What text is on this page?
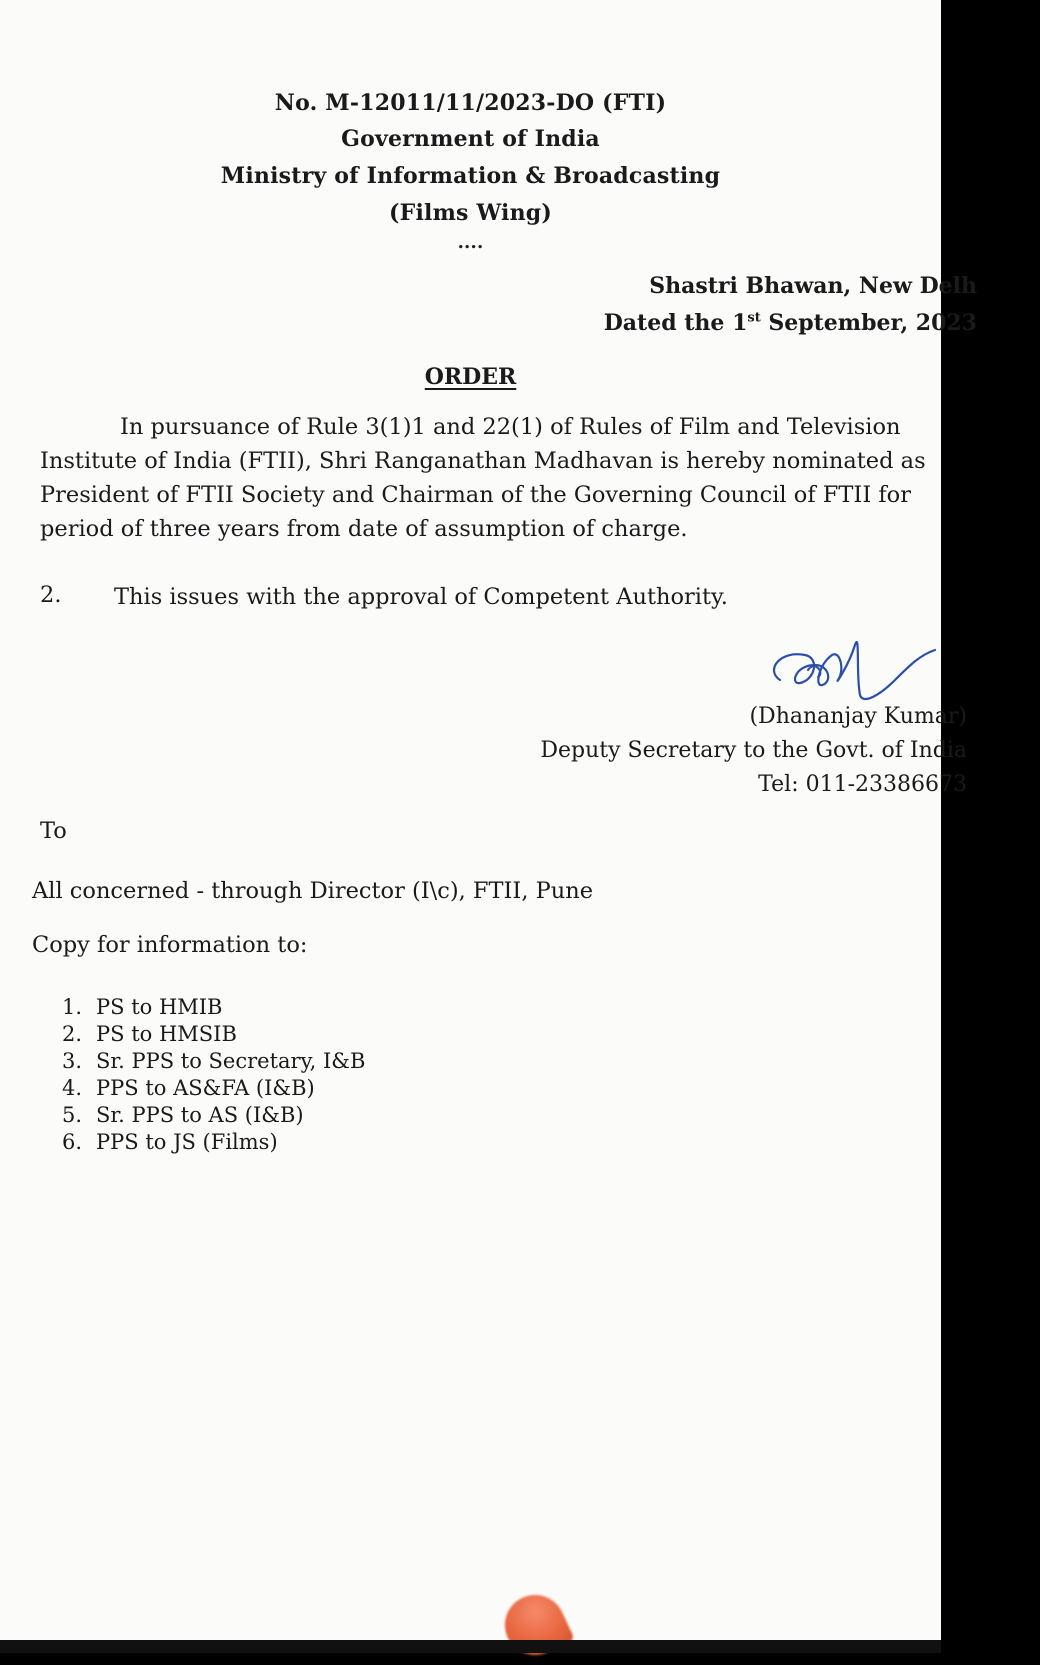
No. M-12011/11/2023-DO (FTI)
Government of India
Ministry of Information & Broadcasting
(Films Wing)
....
Shastri Bhawan, New Delh
Dated the 1st September, 2023
ORDER
In pursuance of Rule 3(1)1 and 22(1) of Rules of Film and Television
Institute of India (FTII), Shri Ranganathan Madhavan is hereby nominated as
President of FTII Society and Chairman of the Governing Council of FTII for
period of three years from date of assumption of charge.
2. This issues with the approval of Competent Authority.
(Dhananjay Kumar)
Deputy Secretary to the Govt. of India
Tel: 011-23386673
To
All concerned - through Director (I\c), FTII, Pune
Copy for information to:
1. PS to HMIB
2. PS to HMSIB
3. Sr. PPS to Secretary, I&B
4. PPS to AS&FA (I&B)
5. Sr. PPS to AS (I&B)
6. PPS to JS (Films)
